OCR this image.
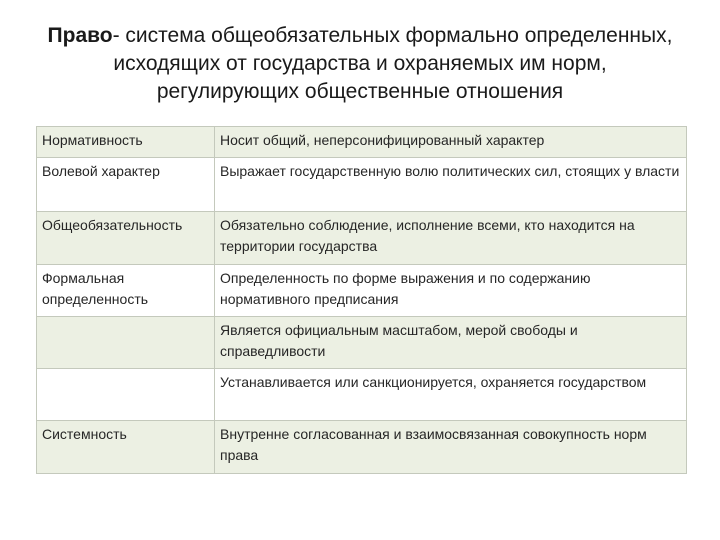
Право- система общеобязательных формально определенных, исходящих от государства и охраняемых им норм, регулирующих общественные отношения
Нормативность	Носит общий, неперсонифицированный характер
Волевой характер	Выражает государственную волю политических сил, стоящих у власти
Общеобязательность	Обязательно соблюдение, исполнение всеми, кто находится на территории государства
Формальная определенность	Определенность по форме выражения и по содержанию нормативного предписания
	Является официальным масштабом, мерой свободы и справедливости
	Устанавливается или санкционируется, охраняется государством
Системность	Внутренне согласованная и взаимосвязанная совокупность норм права
